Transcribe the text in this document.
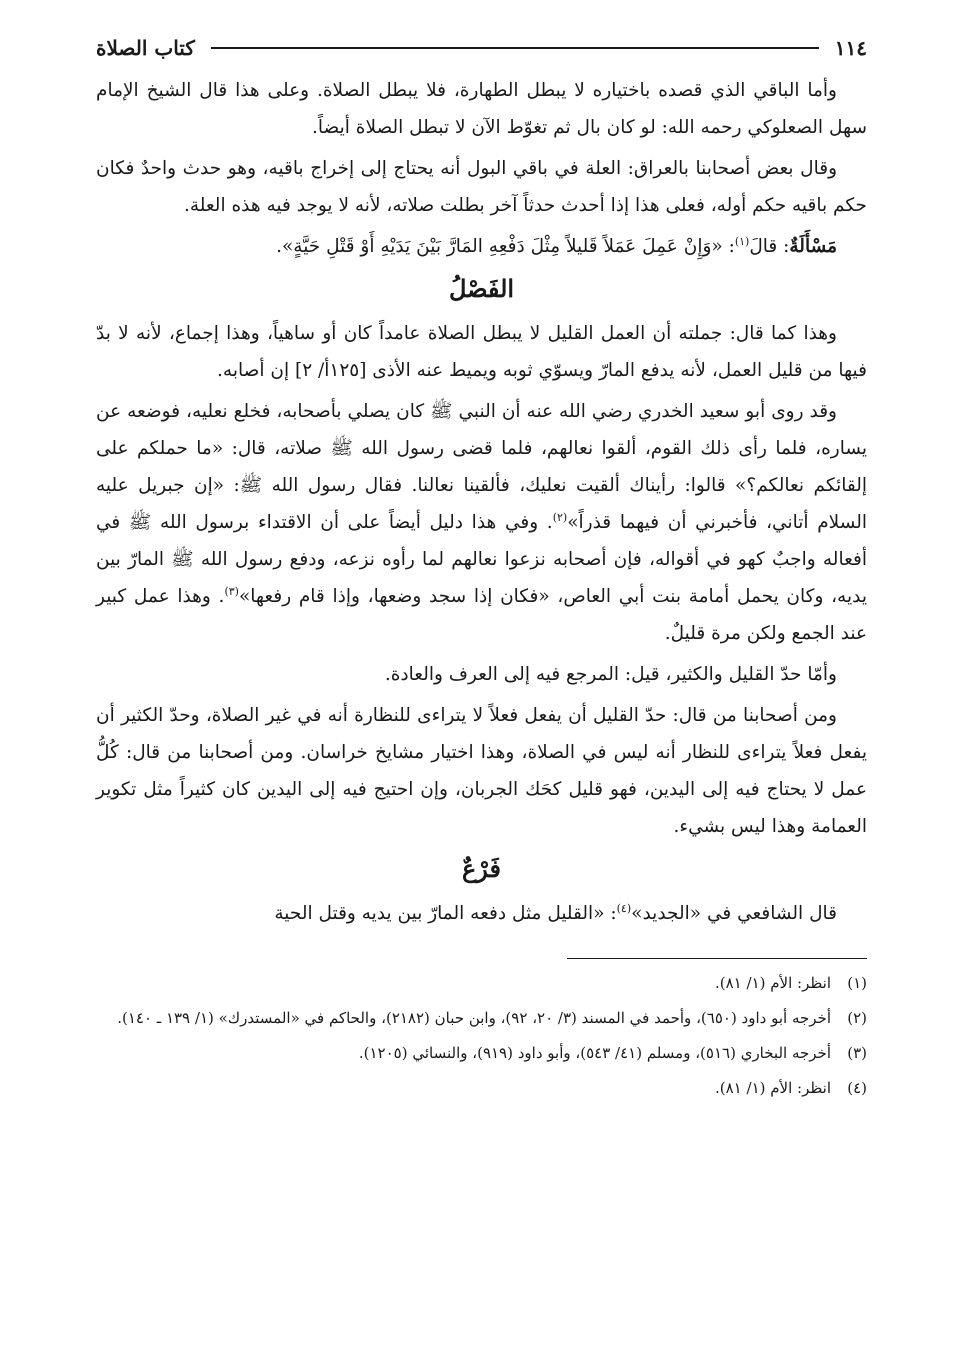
١١٤
كتاب الصلاة

وأما الباقي الذي قصده باختياره لا يبطل الطهارة، فلا يبطل الصلاة. وعلى هذا قال الشيخ الإمام سهل الصعلوكي رحمه الله: لو كان بال ثم تغوّط الآن لا تبطل الصلاة أيضاً.

وقال بعض أصحابنا بالعراق: العلة في باقي البول أنه يحتاج إلى إخراج باقيه، وهو حدث واحدٌ فكان حكم باقيه حكم أوله، فعلى هذا إذا أحدث حدثاً آخر بطلت صلاته، لأنه لا يوجد فيه هذه العلة.

مَسْأَلَةٌ: قالَ$^{(١)}$: «وَإِنْ عَمِلَ عَمَلاً قَليلاً مِثْلَ دَفْعِهِ المَارَّ بَيْنَ يَدَيْهِ أَوْ قَتْلِ حَيَّةٍ».

الفَصْلُ

وهذا كما قال: جملته أن العمل القليل لا يبطل الصلاة عامداً كان أو ساهياً، وهذا إجماع، لأنه لا بدّ فيها من قليل العمل، لأنه يدفع المارّ ويسوّي ثوبه ويميط عنه الأذى [١٢٥أ/ ٢] إن أصابه.

وقد روى أبو سعيد الخدري رضي الله عنه أن النبي ﷺ كان يصلي بأصحابه، فخلع نعليه، فوضعه عن يساره، فلما رأى ذلك القوم، ألقوا نعالهم، فلما قضى رسول الله ﷺ صلاته، قال: «ما حملكم على إلقائكم نعالكم؟» قالوا: رأيناك ألقيت نعليك، فألقينا نعالنا. فقال رسول الله ﷺ: «إن جبريل عليه السلام أتاني، فأخبرني أن فيهما قذراً»$^{(٢)}$. وفي هذا دليل أيضاً على أن الاقتداء برسول الله ﷺ في أفعاله واجبٌ كهو في أقواله، فإن أصحابه نزعوا نعالهم لما رأوه نزعه، ودفع رسول الله ﷺ المارّ بين يديه، وكان يحمل أمامة بنت أبي العاص، «فكان إذا سجد وضعها، وإذا قام رفعها»$^{(٣)}$. وهذا عمل كبير عند الجمع ولكن مرة قليلٌ.

وأمّا حدّ القليل والكثير، قيل: المرجع فيه إلى العرف والعادة.

ومن أصحابنا من قال: حدّ القليل أن يفعل فعلاً لا يتراءى للنظارة أنه في غير الصلاة، وحدّ الكثير أن يفعل فعلاً يتراءى للنظار أنه ليس في الصلاة، وهذا اختيار مشايخ خراسان. ومن أصحابنا من قال: كُلُّ عمل لا يحتاج فيه إلى اليدين، فهو قليل كحَك الجربان، وإن احتيج فيه إلى اليدين كان كثيراً مثل تكوير العمامة وهذا ليس بشيء.

فَرْعٌ

قال الشافعي في «الجديد»$^{(٤)}$: «القليل مثل دفعه المارّ بين يديه وقتل الحية

(١)
انظر: الأم (١/ ٨١).
(٢)
أخرجه أبو داود (٦٥٠)، وأحمد في المسند (٣/ ٢٠، ٩٢)، وابن حبان (٢١٨٢)، والحاكم في «المستدرك» (١/ ١٣٩ ـ ١٤٠).
(٣)
أخرجه البخاري (٥١٦)، ومسلم (٤١/ ٥٤٣)، وأبو داود (٩١٩)، والنسائي (١٢٠٥).
(٤)
انظر: الأم (١/ ٨١).
